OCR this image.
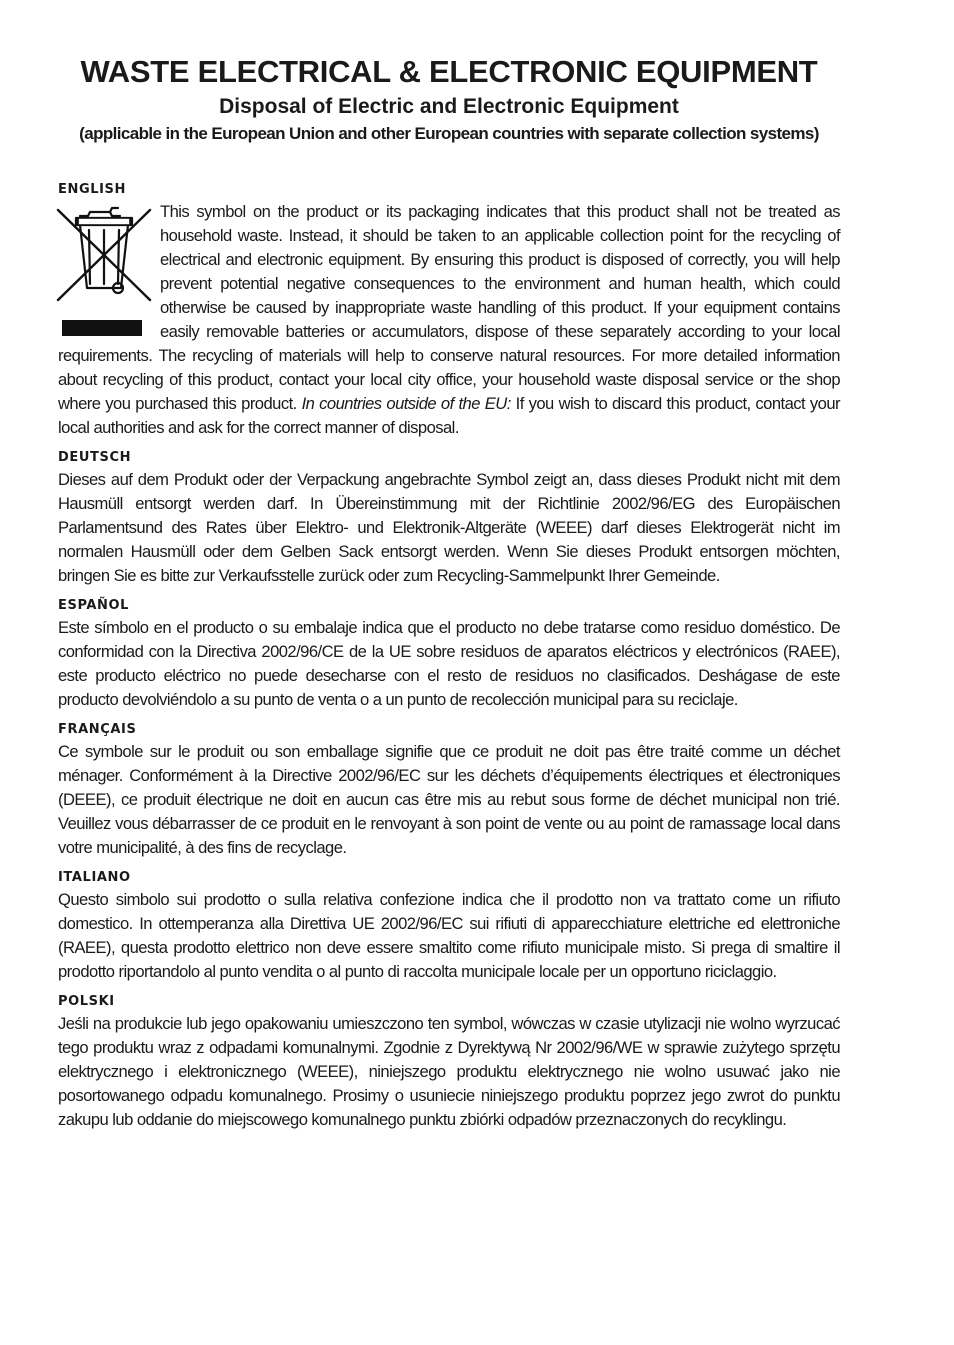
WASTE ELECTRICAL & ELECTRONIC EQUIPMENT
Disposal of Electric and Electronic Equipment

(applicable in the European Union and other European countries with separate collection systems)

ENGLISH

This symbol on the product or its packaging indicates that this product shall not be treated as household waste. Instead, it should be taken to an applicable collection point for the recycling of electrical and electronic equipment. By ensuring this product is disposed of correctly, you will help prevent potential negative consequences to the environment and human health, which could otherwise be caused by inappropriate waste handling of this product. If your equipment contains easily removable batteries or accumulators, dispose of these separately according to your local requirements. The recycling of materials will help to conserve natural resources. For more detailed information about recycling of this product, contact your local city office, your household waste disposal service or the shop where you purchased this product. In countries outside of the EU: If you wish to discard this product, contact your local authorities and ask for the correct manner of disposal.

DEUTSCH

Dieses auf dem Produkt oder der Verpackung angebrachte Symbol zeigt an, dass dieses Produkt nicht mit dem Hausmüll entsorgt werden darf. In Übereinstimmung mit der Richtlinie 2002/96/EG des Europäischen Parlamentsund des Rates über Elektro- und Elektronik-Altgeräte (WEEE) darf dieses Elektrogerät nicht im normalen Hausmüll oder dem Gelben Sack entsorgt werden. Wenn Sie dieses Produkt entsorgen möchten, bringen Sie es bitte zur Verkaufsstelle zurück oder zum Recycling-Sammelpunkt Ihrer Gemeinde.

ESPAÑOL

Este símbolo en el producto o su embalaje indica que el producto no debe tratarse como residuo doméstico. De conformidad con la Directiva 2002/96/CE de la UE sobre residuos de aparatos eléctricos y electrónicos (RAEE), este producto eléctrico no puede desecharse con el resto de residuos no clasificados. Deshágase de este producto devolviéndolo a su punto de venta o a un punto de recolección municipal para su reciclaje.

FRANÇAIS

Ce symbole sur le produit ou son emballage signifie que ce produit ne doit pas être traité comme un déchet ménager. Conformément à la Directive 2002/96/EC sur les déchets d’équipements électriques et électroniques (DEEE), ce produit électrique ne doit en aucun cas être mis au rebut sous forme de déchet municipal non trié. Veuillez vous débarrasser de ce produit en le renvoyant à son point de vente ou au point de ramassage local dans votre municipalité, à des fins de recyclage.

ITALIANO

Questo simbolo sui prodotto o sulla relativa confezione indica che il prodotto non va trattato come un rifiuto domestico. In ottemperanza alla Direttiva UE 2002/96/EC sui rifiuti di apparecchiature elettriche ed elettroniche (RAEE), questa prodotto elettrico non deve essere smaltito come rifiuto municipale misto. Si prega di smaltire il prodotto riportandolo al punto vendita o al punto di raccolta municipale locale per un opportuno riciclaggio.

POLSKI

Jeśli na produkcie lub jego opakowaniu umieszczono ten symbol, wówczas w czasie utylizacji nie wolno wyrzucać tego produktu wraz z odpadami komunalnymi. Zgodnie z Dyrektywą Nr 2002/96/WE w sprawie zużytego sprzętu elektrycznego i elektronicznego (WEEE), niniejszego produktu elektrycznego nie wolno usuwać jako nie posortowanego odpadu komunalnego. Prosimy o usuniecie niniejszego produktu poprzez jego zwrot do punktu zakupu lub oddanie do miejscowego komunalnego punktu zbiórki odpadów przeznaczonych do recyklingu.
